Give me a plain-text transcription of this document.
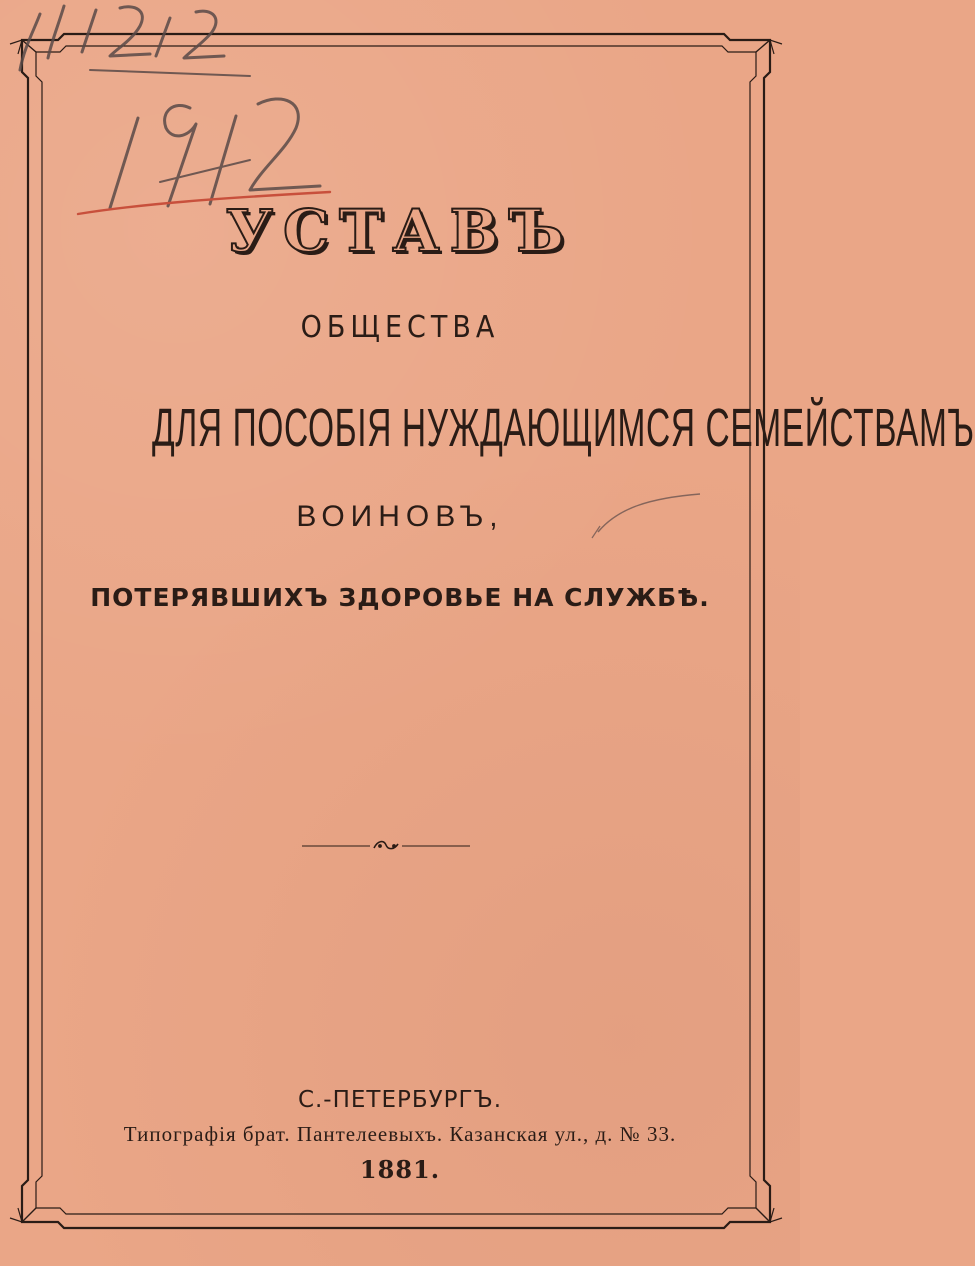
УСТАВЪ
ОБЩЕСТВА
ДЛЯ ПОСОБІЯ НУЖДАЮЩИМСЯ СЕМЕЙСТВАМЪ
ВОИНОВЪ,
ПОТЕРЯВШИХЪ ЗДОРОВЬЕ НА СЛУЖБѢ.
С.-ПЕТЕРБУРГЪ.
Типографія брат. Пантелеевыхъ. Казанская ул., д. № 33.
1881.
